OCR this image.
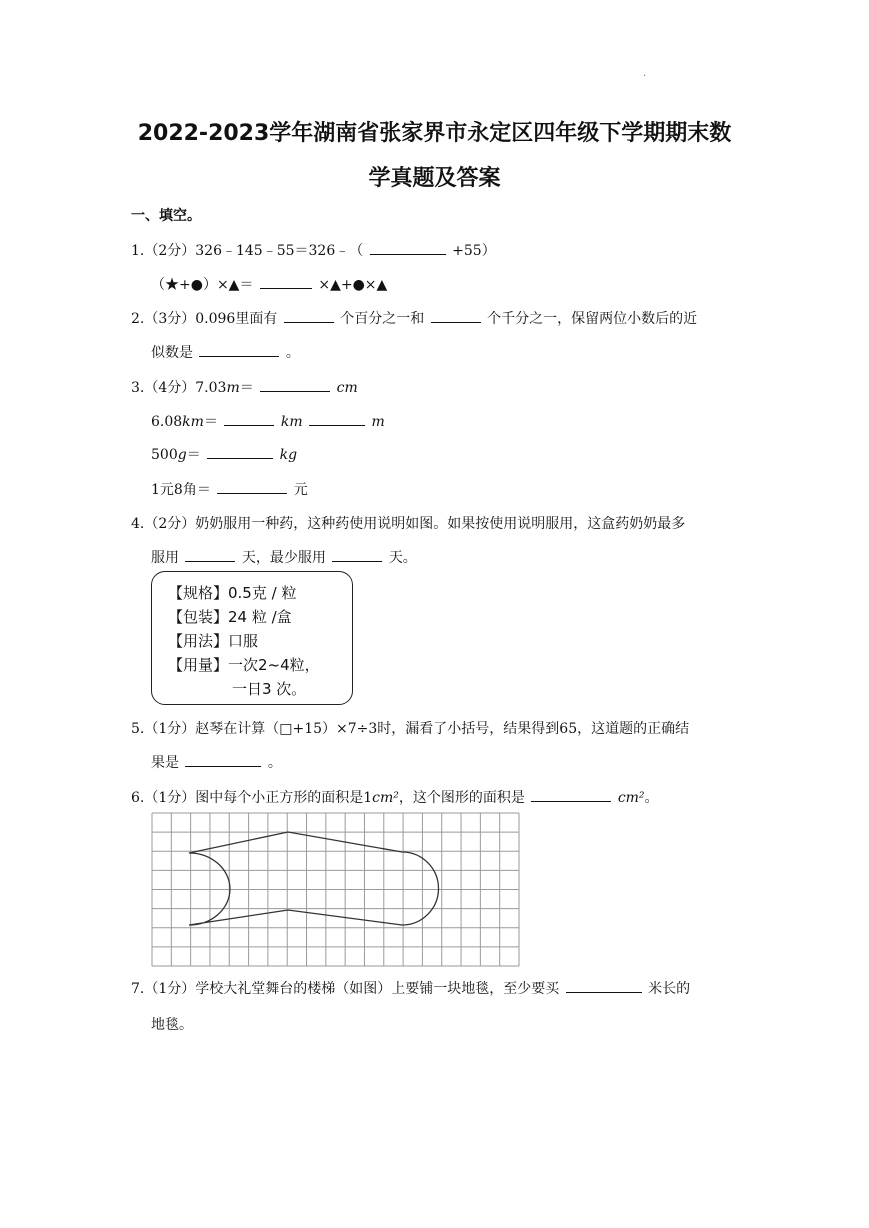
.
2022-2023学年湖南省张家界市永定区四年级下学期期末数
学真题及答案
一、填空。
1.（2分）326﹣145﹣55＝326﹣（	+55）
（★+●）×▲＝	×▲+●×▲
2.（3分）0.096里面有	个百分之一和	个千分之一，保留两位小数后的近
似数是	。
3.（4分）7.03m＝	cm
6.08km＝	km	m
500g＝	kg
1元8角＝	元
4.（2分）奶奶服用一种药，这种药使用说明如图。如果按使用说明服用，这盒药奶奶最多
服用	天，最少服用	天。
【规格】0.5克 / 粒
【包装】24 粒 /盒
【用法】口服
【用量】一次2~4粒，
一日3 次。
5.（1分）赵琴在计算（□+15）×7÷3时，漏看了小括号，结果得到65，这道题的正确结
果是	。
6.（1分）图中每个小正方形的面积是1cm²，这个图形的面积是	cm²。
7.（1分）学校大礼堂舞台的楼梯（如图）上要铺一块地毯，至少要买	米长的
地毯。
